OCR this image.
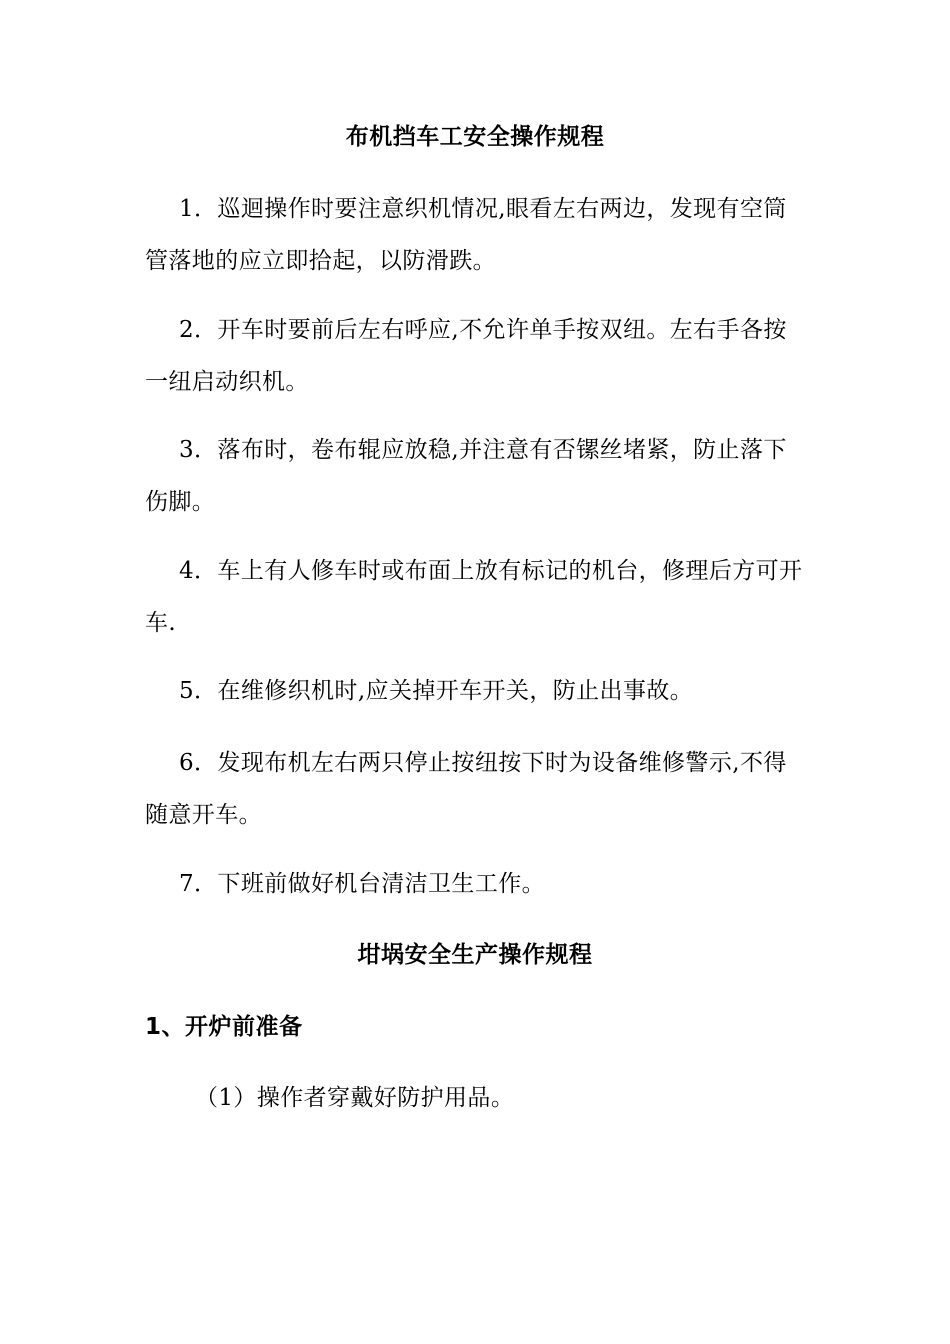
布机挡车工安全操作规程

1．巡迴操作时要注意织机情况,眼看左右两边，发现有空筒管落地的应立即拾起，以防滑跌。

2．开车时要前后左右呼应,不允许单手按双纽。左右手各按一纽启动织机。

3．落布时，卷布辊应放稳,并注意有否镙丝堵紧，防止落下伤脚。

4．车上有人修车时或布面上放有标记的机台，修理后方可开车.

5．在维修织机时,应关掉开车开关，防止出事故。

6．发现布机左右两只停止按纽按下时为设备维修警示,不得随意开车。

7．下班前做好机台清洁卫生工作。

坩埚安全生产操作规程
1、开炉前准备
（1）操作者穿戴好防护用品。
